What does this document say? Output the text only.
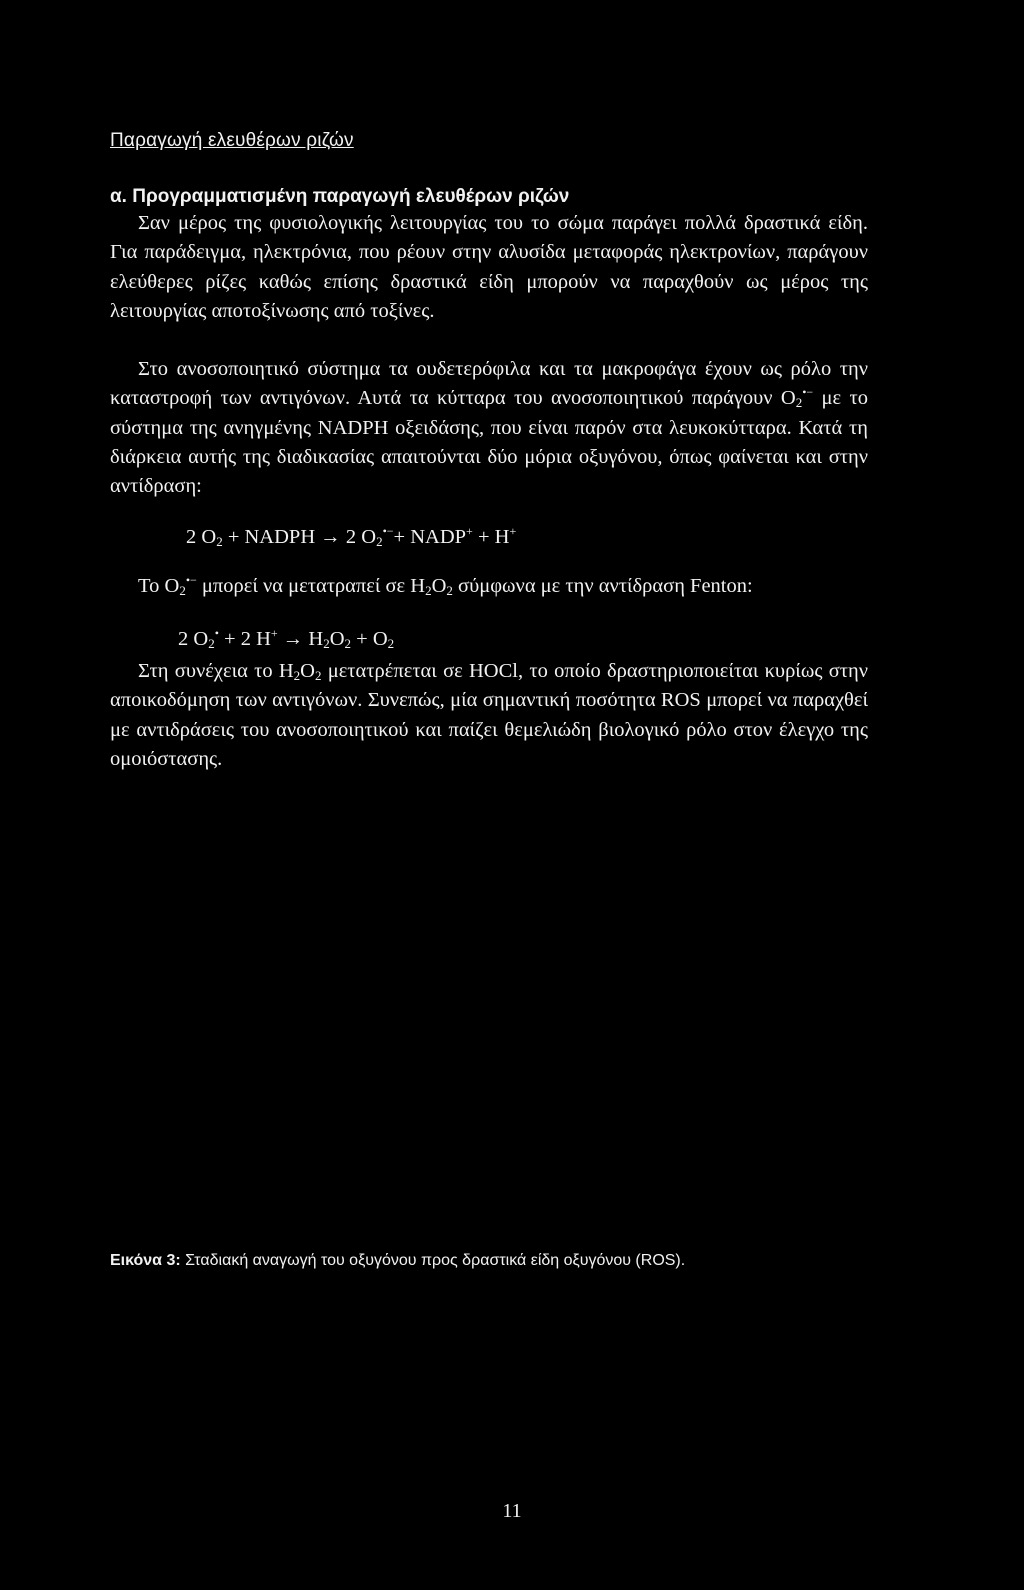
Παραγωγή ελευθέρων ριζών
α. Προγραμματισμένη παραγωγή ελευθέρων ριζών
Σαν μέρος της φυσιολογικής λειτουργίας του το σώμα παράγει πολλά δραστικά είδη. Για παράδειγμα, ηλεκτρόνια, που ρέουν στην αλυσίδα μεταφοράς ηλεκτρονίων, παράγουν ελεύθερες ρίζες καθώς επίσης δραστικά είδη μπορούν να παραχθούν ως μέρος της λειτουργίας αποτοξίνωσης από τοξίνες.
Στο ανοσοποιητικό σύστημα τα ουδετερόφιλα και τα μακροφάγα έχουν ως ρόλο την καταστροφή των αντιγόνων. Αυτά τα κύτταρα του ανοσοποιητικού παράγουν $O_2^{•-}$ με το σύστημα της ανηγμένης NADPH οξειδάσης, που είναι παρόν στα λευκοκύτταρα. Κατά τη διάρκεια αυτής της διαδικασίας απαιτούνται δύο μόρια οξυγόνου, όπως φαίνεται και στην αντίδραση:
2 $O_2$ + NADPH → 2 $O_2^{•-}+$ NADP+ + H+
Το $O_2^{•-}$ μπορεί να μετατραπεί σε $H_2O_2$ σύμφωνα με την αντίδραση Fenton:
2 $O_2^• + 2$ $H^+ \to H_2O_2 + O_2$
Στη συνέχεια το $H_2O_2$ μετατρέπεται σε HOCl, το οποίο δραστηριοποιείται κυρίως στην αποικοδόμηση των αντιγόνων. Συνεπώς, μία σημαντική ποσότητα ROS μπορεί να παραχθεί με αντιδράσεις του ανοσοποιητικού και παίζει θεμελιώδη βιολογικό ρόλο στον έλεγχο της ομοιόστασης.
Εικόνα 3: Σταδιακή αναγωγή του οξυγόνου προς δραστικά είδη οξυγόνου (ROS).
11
